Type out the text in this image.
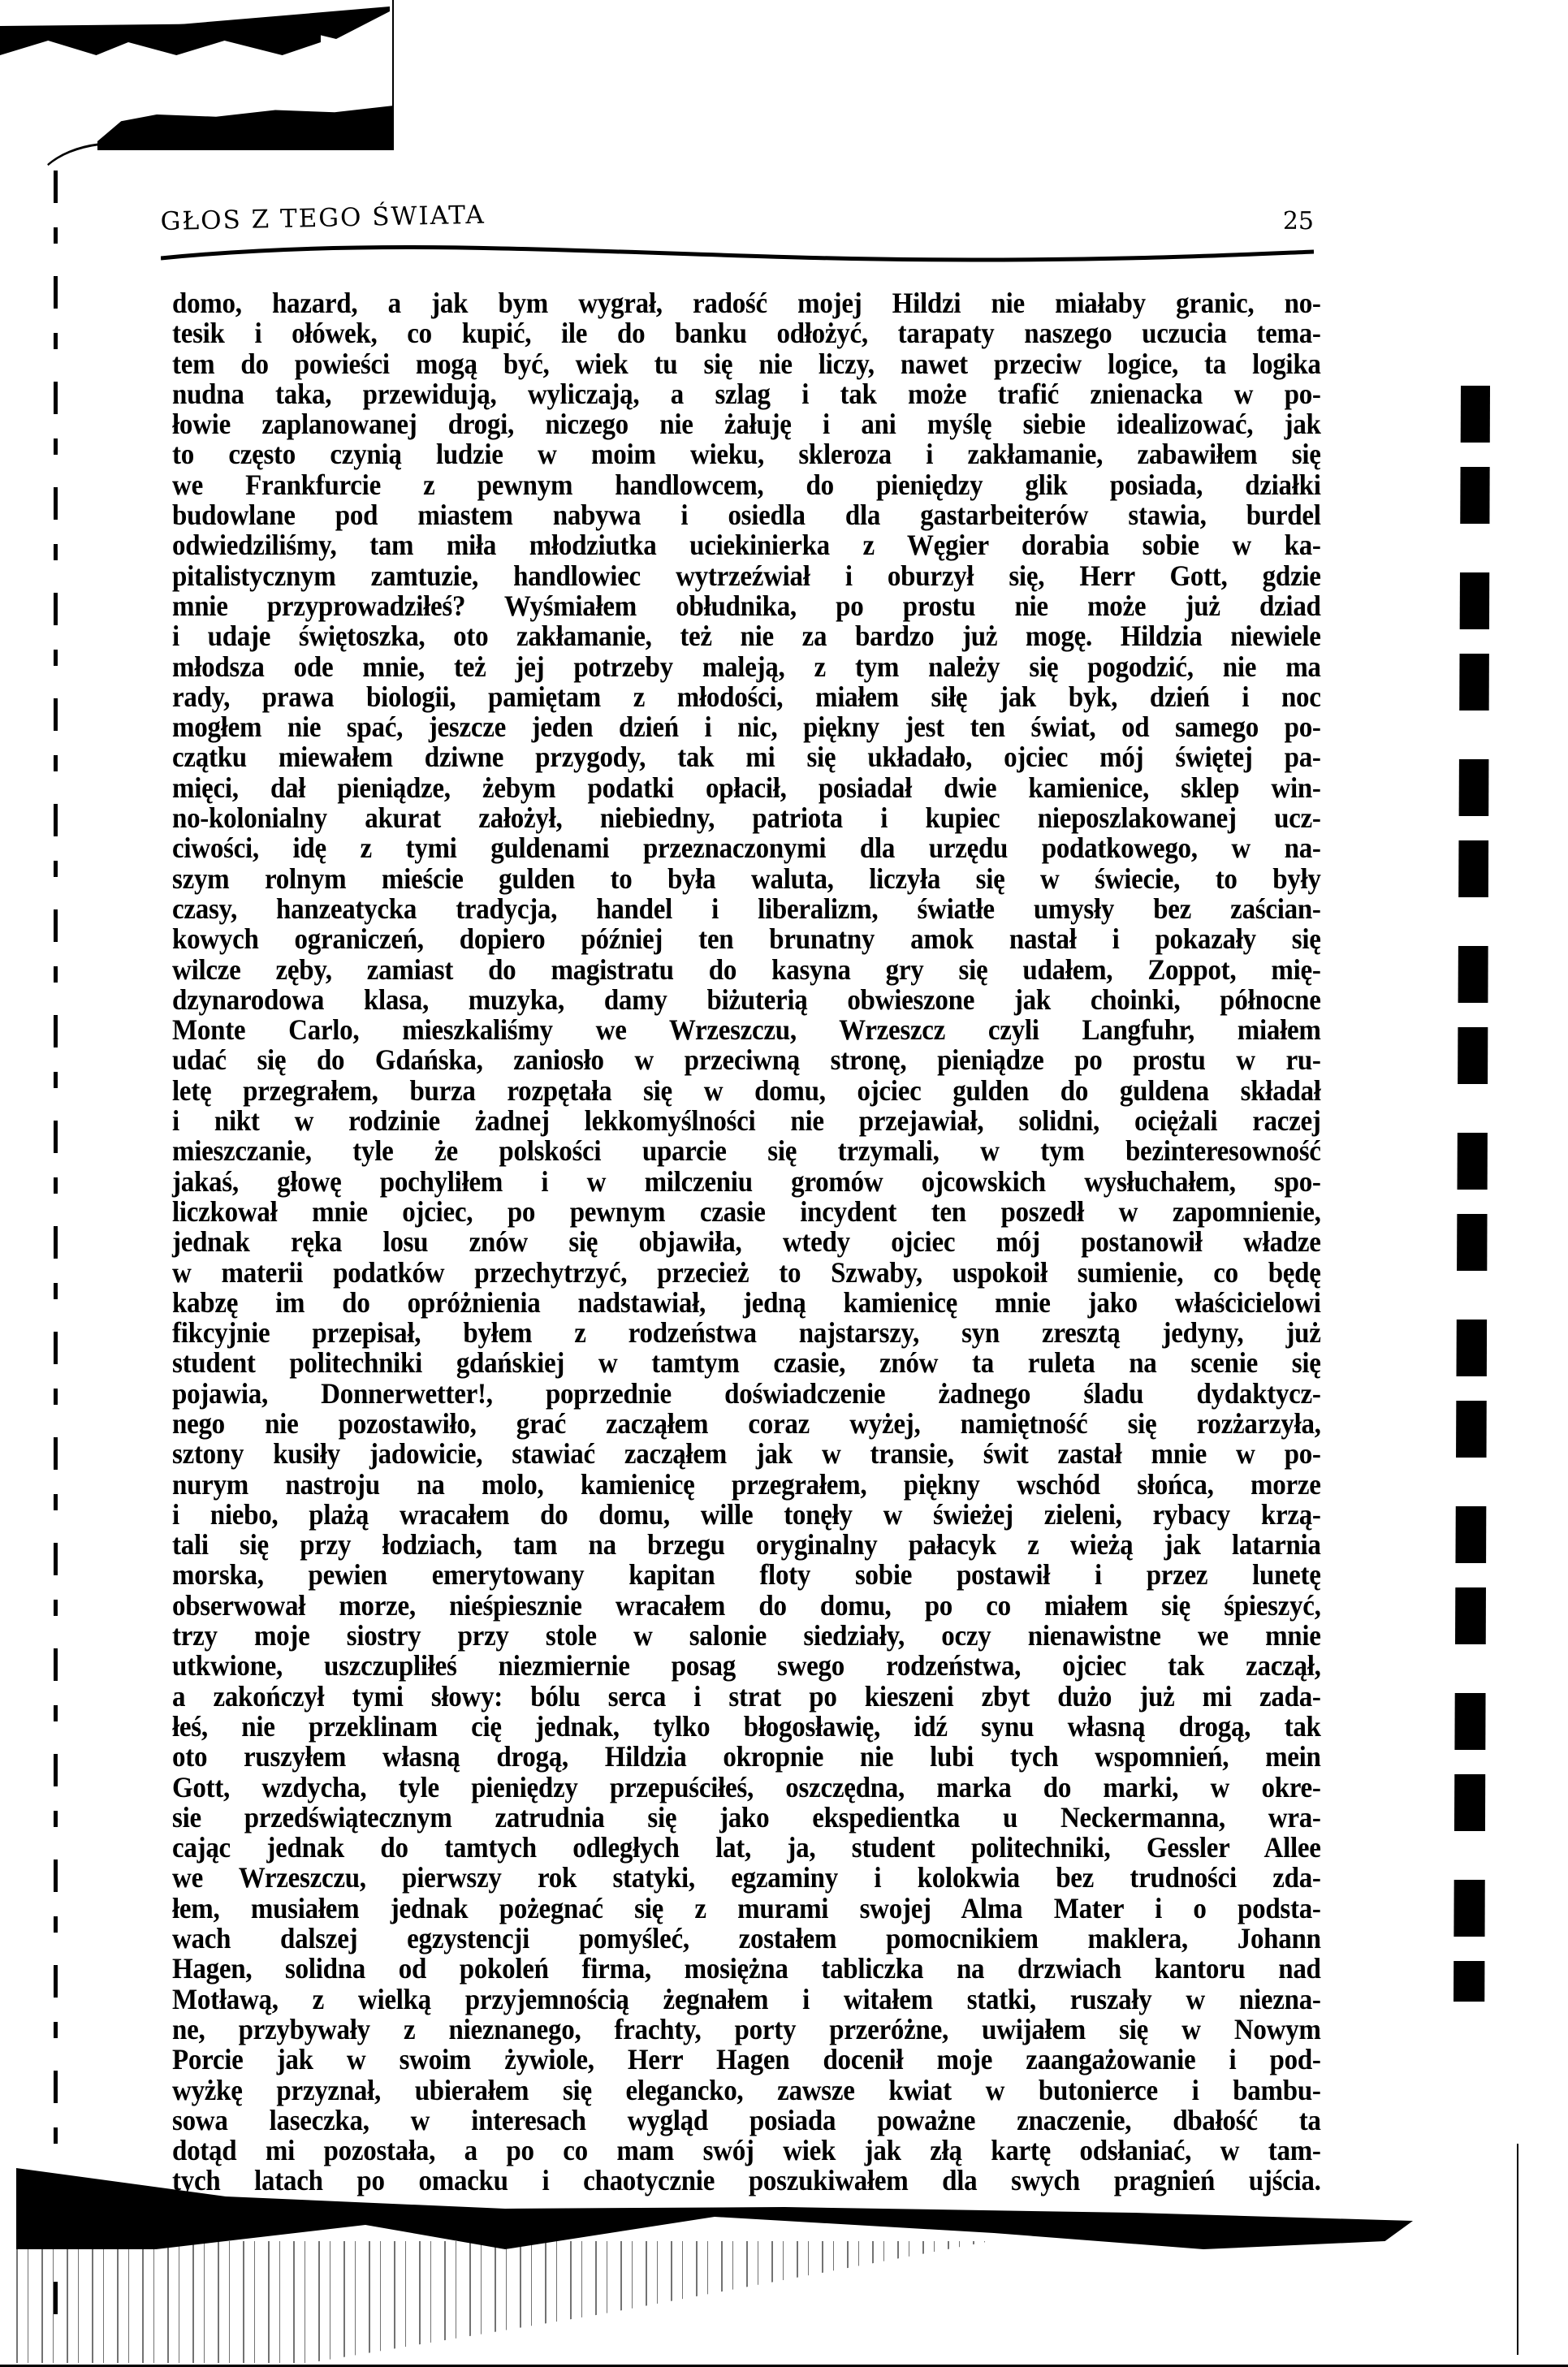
GŁOS Z TEGO ŚWIATA	25
domo, hazard, a jak bym wygrał, radość mojej Hildzi nie miałaby granic, no-
tesik i ołówek, co kupić, ile do banku odłożyć, tarapaty naszego uczucia tema-
tem do powieści mogą być, wiek tu się nie liczy, nawet przeciw logice, ta logika
nudna taka, przewidują, wyliczają, a szlag i tak może trafić znienacka w po-
łowie zaplanowanej drogi, niczego nie żałuję i ani myślę siebie idealizować, jak
to często czynią ludzie w moim wieku, skleroza i zakłamanie, zabawiłem się
we Frankfurcie z pewnym handlowcem, do pieniędzy glik posiada, działki
budowlane pod miastem nabywa i osiedla dla gastarbeiterów stawia, burdel
odwiedziliśmy, tam miła młodziutka uciekinierka z Węgier dorabia sobie w ka-
pitalistycznym zamtuzie, handlowiec wytrzeźwiał i oburzył się, Herr Gott, gdzie
mnie przyprowadziłeś? Wyśmiałem obłudnika, po prostu nie może już dziad
i udaje świętoszka, oto zakłamanie, też nie za bardzo już mogę. Hildzia niewiele
młodsza ode mnie, też jej potrzeby maleją, z tym należy się pogodzić, nie ma
rady, prawa biologii, pamiętam z młodości, miałem siłę jak byk, dzień i noc
mogłem nie spać, jeszcze jeden dzień i nic, piękny jest ten świat, od samego po-
czątku miewałem dziwne przygody, tak mi się układało, ojciec mój świętej pa-
mięci, dał pieniądze, żebym podatki opłacił, posiadał dwie kamienice, sklep win-
no-kolonialny akurat założył, niebiedny, patriota i kupiec nieposzlakowanej ucz-
ciwości, idę z tymi guldenami przeznaczonymi dla urzędu podatkowego, w na-
szym rolnym mieście gulden to była waluta, liczyła się w świecie, to były
czasy, hanzeatycka tradycja, handel i liberalizm, światłe umysły bez zaścian-
kowych ograniczeń, dopiero później ten brunatny amok nastał i pokazały się
wilcze zęby, zamiast do magistratu do kasyna gry się udałem, Zoppot, mię-
dzynarodowa klasa, muzyka, damy biżuterią obwieszone jak choinki, północne
Monte Carlo, mieszkaliśmy we Wrzeszczu, Wrzeszcz czyli Langfuhr, miałem
udać się do Gdańska, zaniosło w przeciwną stronę, pieniądze po prostu w ru-
letę przegrałem, burza rozpętała się w domu, ojciec gulden do guldena składał
i nikt w rodzinie żadnej lekkomyślności nie przejawiał, solidni, ociężali raczej
mieszczanie, tyle że polskości uparcie się trzymali, w tym bezinteresowność
jakaś, głowę pochyliłem i w milczeniu gromów ojcowskich wysłuchałem, spo-
liczkował mnie ojciec, po pewnym czasie incydent ten poszedł w zapomnienie,
jednak ręka losu znów się objawiła, wtedy ojciec mój postanowił władze
w materii podatków przechytrzyć, przecież to Szwaby, uspokoił sumienie, co będę
kabzę im do opróżnienia nadstawiał, jedną kamienicę mnie jako właścicielowi
fikcyjnie przepisał, byłem z rodzeństwa najstarszy, syn zresztą jedyny, już
student politechniki gdańskiej w tamtym czasie, znów ta ruleta na scenie się
pojawia, Donnerwetter!, poprzednie doświadczenie żadnego śladu dydaktycz-
nego nie pozostawiło, grać zacząłem coraz wyżej, namiętność się rozżarzyła,
sztony kusiły jadowicie, stawiać zacząłem jak w transie, świt zastał mnie w po-
nurym nastroju na molo, kamienicę przegrałem, piękny wschód słońca, morze
i niebo, plażą wracałem do domu, wille tonęły w świeżej zieleni, rybacy krzą-
tali się przy łodziach, tam na brzegu oryginalny pałacyk z wieżą jak latarnia
morska, pewien emerytowany kapitan floty sobie postawił i przez lunetę
obserwował morze, nieśpiesznie wracałem do domu, po co miałem się śpieszyć,
trzy moje siostry przy stole w salonie siedziały, oczy nienawistne we mnie
utkwione, uszczupliłeś niezmiernie posag swego rodzeństwa, ojciec tak zaczął,
a zakończył tymi słowy: bólu serca i strat po kieszeni zbyt dużo już mi zada-
łeś, nie przeklinam cię jednak, tylko błogosławię, idź synu własną drogą, tak
oto ruszyłem własną drogą, Hildzia okropnie nie lubi tych wspomnień, mein
Gott, wzdycha, tyle pieniędzy przepuściłeś, oszczędna, marka do marki, w okre-
sie przedświątecznym zatrudnia się jako ekspedientka u Neckermanna, wra-
cając jednak do tamtych odległych lat, ja, student politechniki, Gessler Allee
we Wrzeszczu, pierwszy rok statyki, egzaminy i kolokwia bez trudności zda-
łem, musiałem jednak pożegnać się z murami swojej Alma Mater i o podsta-
wach dalszej egzystencji pomyśleć, zostałem pomocnikiem maklera, Johann
Hagen, solidna od pokoleń firma, mosiężna tabliczka na drzwiach kantoru nad
Motławą, z wielką przyjemnością żegnałem i witałem statki, ruszały w niezna-
ne, przybywały z nieznanego, frachty, porty przeróżne, uwijałem się w Nowym
Porcie jak w swoim żywiole, Herr Hagen docenił moje zaangażowanie i pod-
wyżkę przyznał, ubierałem się elegancko, zawsze kwiat w butonierce i bambu-
sowa laseczka, w interesach wygląd posiada poważne znaczenie, dbałość ta
dotąd mi pozostała, a po co mam swój wiek jak złą kartę odsłaniać, w tam-
tych latach po omacku i chaotycznie poszukiwałem dla swych pragnień ujścia.
